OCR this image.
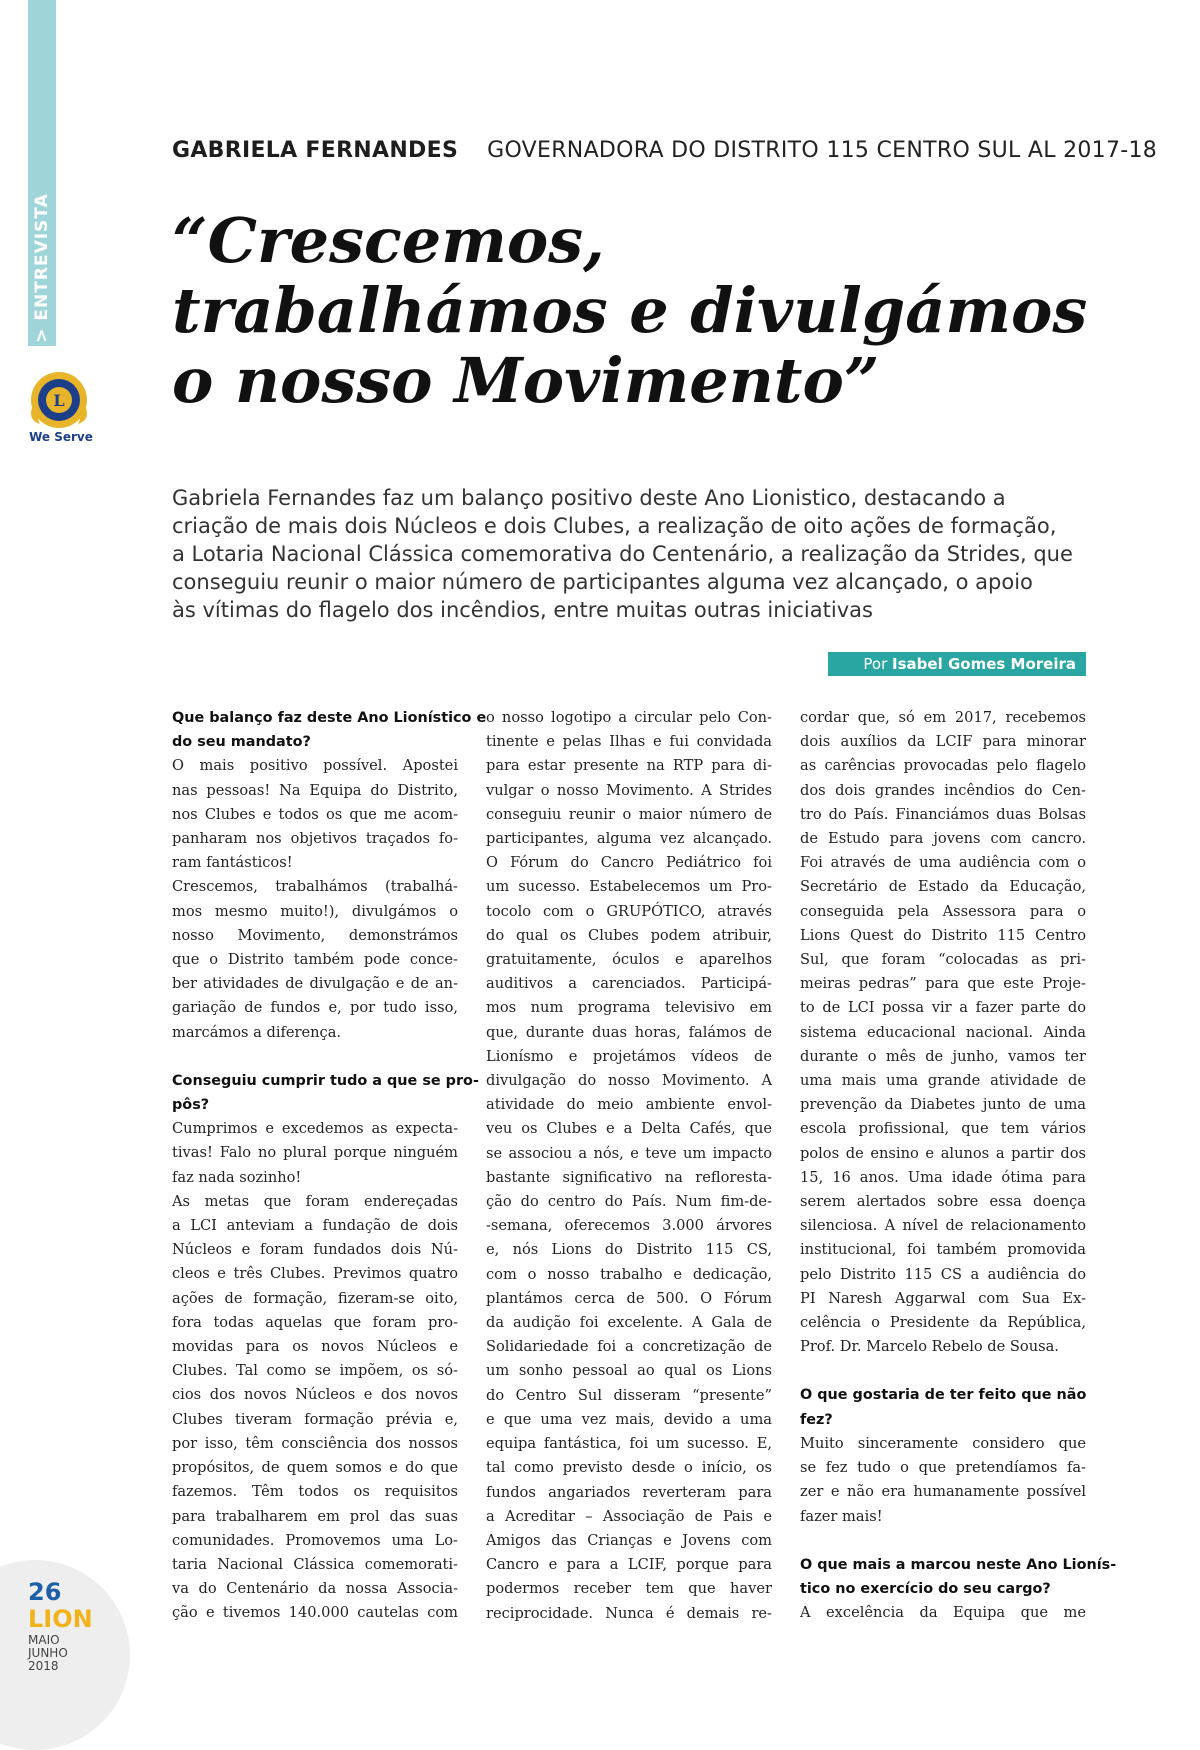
> ENTREVISTA
L
We Serve
GABRIELA FERNANDES GOVERNADORA DO DISTRITO 115 CENTRO SUL AL 2017-18
“Crescemos,
trabalhámos e divulgámos
o nosso Movimento”
Gabriela Fernandes faz um balanço positivo deste Ano Lionistico, destacando a
criação de mais dois Núcleos e dois Clubes, a realização de oito ações de formação,
a Lotaria Nacional Clássica comemorativa do Centenário, a realização da Strides, que
conseguiu reunir o maior número de participantes alguma vez alcançado, o apoio
às vítimas do flagelo dos incêndios, entre muitas outras iniciativas
Por Isabel Gomes Moreira
Que balanço faz deste Ano Lionístico e
do seu mandato?
O mais positivo possível. Apostei
nas pessoas! Na Equipa do Distrito,
nos Clubes e todos os que me acom-
panharam nos objetivos traçados fo-
ram fantásticos!
Crescemos, trabalhámos (trabalhá-
mos mesmo muito!), divulgámos o
nosso Movimento, demonstrámos
que o Distrito também pode conce-
ber atividades de divulgação e de an-
gariação de fundos e, por tudo isso,
marcámos a diferença.
Conseguiu cumprir tudo a que se pro-
pôs?
Cumprimos e excedemos as expecta-
tivas! Falo no plural porque ninguém
faz nada sozinho!
As metas que foram endereçadas
a LCI anteviam a fundação de dois
Núcleos e foram fundados dois Nú-
cleos e três Clubes. Previmos quatro
ações de formação, fizeram-se oito,
fora todas aquelas que foram pro-
movidas para os novos Núcleos e
Clubes. Tal como se impõem, os só-
cios dos novos Núcleos e dos novos
Clubes tiveram formação prévia e,
por isso, têm consciência dos nossos
propósitos, de quem somos e do que
fazemos. Têm todos os requisitos
para trabalharem em prol das suas
comunidades. Promovemos uma Lo-
taria Nacional Clássica comemorati-
va do Centenário da nossa Associa-
ção e tivemos 140.000 cautelas com
o nosso logotipo a circular pelo Con-
tinente e pelas Ilhas e fui convidada
para estar presente na RTP para di-
vulgar o nosso Movimento. A Strides
conseguiu reunir o maior número de
participantes, alguma vez alcançado.
O Fórum do Cancro Pediátrico foi
um sucesso. Estabelecemos um Pro-
tocolo com o GRUPÓTICO, através
do qual os Clubes podem atribuir,
gratuitamente, óculos e aparelhos
auditivos a carenciados. Participá-
mos num programa televisivo em
que, durante duas horas, falámos de
Lionísmo e projetámos vídeos de
divulgação do nosso Movimento. A
atividade do meio ambiente envol-
veu os Clubes e a Delta Cafés, que
se associou a nós, e teve um impacto
bastante significativo na refloresta-
ção do centro do País. Num fim-de-
-semana, oferecemos 3.000 árvores
e, nós Lions do Distrito 115 CS,
com o nosso trabalho e dedicação,
plantámos cerca de 500. O Fórum
da audição foi excelente. A Gala de
Solidariedade foi a concretização de
um sonho pessoal ao qual os Lions
do Centro Sul disseram “presente”
e que uma vez mais, devido a uma
equipa fantástica, foi um sucesso. E,
tal como previsto desde o início, os
fundos angariados reverteram para
a Acreditar – Associação de Pais e
Amigos das Crianças e Jovens com
Cancro e para a LCIF, porque para
podermos receber tem que haver
reciprocidade. Nunca é demais re-
cordar que, só em 2017, recebemos
dois auxílios da LCIF para minorar
as carências provocadas pelo flagelo
dos dois grandes incêndios do Cen-
tro do País. Financiámos duas Bolsas
de Estudo para jovens com cancro.
Foi através de uma audiência com o
Secretário de Estado da Educação,
conseguida pela Assessora para o
Lions Quest do Distrito 115 Centro
Sul, que foram “colocadas as pri-
meiras pedras” para que este Proje-
to de LCI possa vir a fazer parte do
sistema educacional nacional. Ainda
durante o mês de junho, vamos ter
uma mais uma grande atividade de
prevenção da Diabetes junto de uma
escola profissional, que tem vários
polos de ensino e alunos a partir dos
15, 16 anos. Uma idade ótima para
serem alertados sobre essa doença
silenciosa. A nível de relacionamento
institucional, foi também promovida
pelo Distrito 115 CS a audiência do
PI Naresh Aggarwal com Sua Ex-
celência o Presidente da República,
Prof. Dr. Marcelo Rebelo de Sousa.
O que gostaria de ter feito que não
fez?
Muito sinceramente considero que
se fez tudo o que pretendíamos fa-
zer e não era humanamente possível
fazer mais!
O que mais a marcou neste Ano Lionís-
tico no exercício do seu cargo?
A excelência da Equipa que me
26
LION
MAIO
JUNHO
2018
